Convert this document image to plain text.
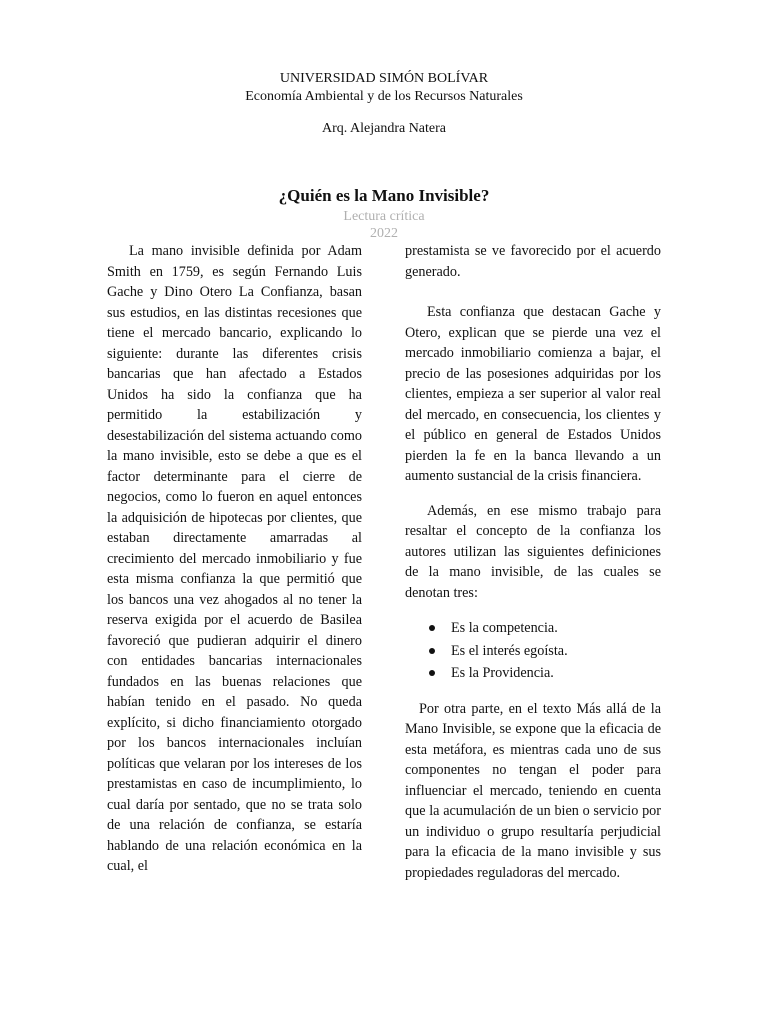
UNIVERSIDAD SIMÓN BOLÍVAR
Economía Ambiental y de los Recursos Naturales
Arq. Alejandra Natera
¿Quién es la Mano Invisible?
Lectura crítica
2022

La mano invisible definida por Adam Smith en 1759, es según Fernando Luis Gache y Dino Otero La Confianza, basan sus estudios, en las distintas recesiones que tiene el mercado bancario, explicando lo siguiente: durante las diferentes crisis bancarias que han afectado a Estados Unidos ha sido la confianza que ha permitido la estabilización y desestabilización del sistema actuando como la mano invisible, esto se debe a que es el factor determinante para el cierre de negocios, como lo fueron en aquel entonces la adquisición de hipotecas por clientes, que estaban directamente amarradas al crecimiento del mercado inmobiliario y fue esta misma confianza la que permitió que los bancos una vez ahogados al no tener la reserva exigida por el acuerdo de Basilea favoreció que pudieran adquirir el dinero con entidades bancarias internacionales fundados en las buenas relaciones que habían tenido en el pasado. No queda explícito, si dicho financiamiento otorgado por los bancos internacionales incluían políticas que velaran por los intereses de los prestamistas en caso de incumplimiento, lo cual daría por sentado, que no se trata solo de una relación de confianza, se estaría hablando de una relación económica en la cual, el

prestamista se ve favorecido por el acuerdo generado.

Esta confianza que destacan Gache y Otero, explican que se pierde una vez el mercado inmobiliario comienza a bajar, el precio de las posesiones adquiridas por los clientes, empieza a ser superior al valor real del mercado, en consecuencia, los clientes y el público en general de Estados Unidos pierden la fe en la banca llevando a un aumento sustancial de la crisis financiera.

Además, en ese mismo trabajo para resaltar el concepto de la confianza los autores utilizan las siguientes definiciones de la mano invisible, de las cuales se denotan tres:

Es la competencia.
Es el interés egoísta.
Es la Providencia.

Por otra parte, en el texto Más allá de la Mano Invisible, se expone que la eficacia de esta metáfora, es mientras cada uno de sus componentes no tengan el poder para influenciar el mercado, teniendo en cuenta que la acumulación de un bien o servicio por un individuo o grupo resultaría perjudicial para la eficacia de la mano invisible y sus propiedades reguladoras del mercado.
